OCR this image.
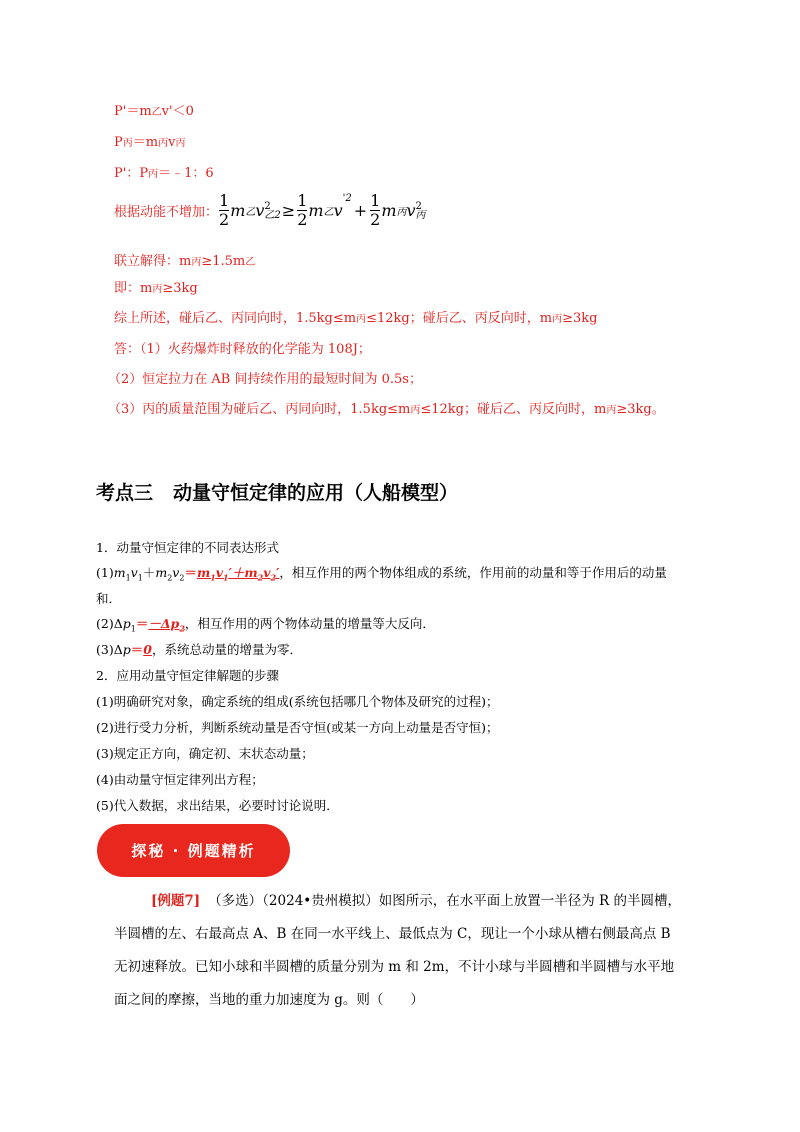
P'＝m乙v'＜0
P丙＝m丙v丙
P'：P丙＝﹣1：6
根据动能不增加： $\frac{1}{2}$ m 乙 v 2
乙$2 \ge \frac{1}{2}$ m 乙 v
$^{'2}$
+ $\frac{1}{2}$ m 丙 v 2
丙
联立解得：m丙≥1.5m乙
即：m丙≥3kg
综上所述，碰后乙、丙同向时，1.5kg≤m丙≤12kg；碰后乙、丙反向时，m丙≥3kg
答：（1）火药爆炸时释放的化学能为 108J；
（2）恒定拉力在 AB 间持续作用的最短时间为 0.5s；
（3）丙的质量范围为碰后乙、丙同向时，1.5kg≤m丙≤12kg；碰后乙、丙反向时，m丙≥3kg。
考点三 动量守恒定律的应用（人船模型）
1．动量守恒定律的不同表达形式
$(1)m_1v_1+m_2v_2=m_1v_1'+m_2v_2'$，相互作用的两个物体组成的系统，作用前的动量和等于作用后的动量
和．
$(2)\Delta p_1=-\Delta p_2$，相互作用的两个物体动量的增量等大反向．
(3)Δp＝0，系统总动量的增量为零．
2．应用动量守恒定律解题的步骤
(1)明确研究对象，确定系统的组成(系统包括哪几个物体及研究的过程)；
(2)进行受力分析，判断系统动量是否守恒(或某一方向上动量是否守恒)；
(3)规定正方向，确定初、末状态动量；
(4)由动量守恒定律列出方程；
(5)代入数据，求出结果，必要时讨论说明．
探秘 · 例题精析
[例题7] （多选）（2024•贵州模拟）如图所示，在水平面上放置一半径为 R 的半圆槽，
半圆槽的左、右最高点 A、B 在同一水平线上、最低点为 C，现让一个小球从槽右侧最高点 B
无初速释放。已知小球和半圆槽的质量分别为 m 和 2m，不计小球与半圆槽和半圆槽与水平地
面之间的摩擦，当地的重力加速度为 g。则（　　）
